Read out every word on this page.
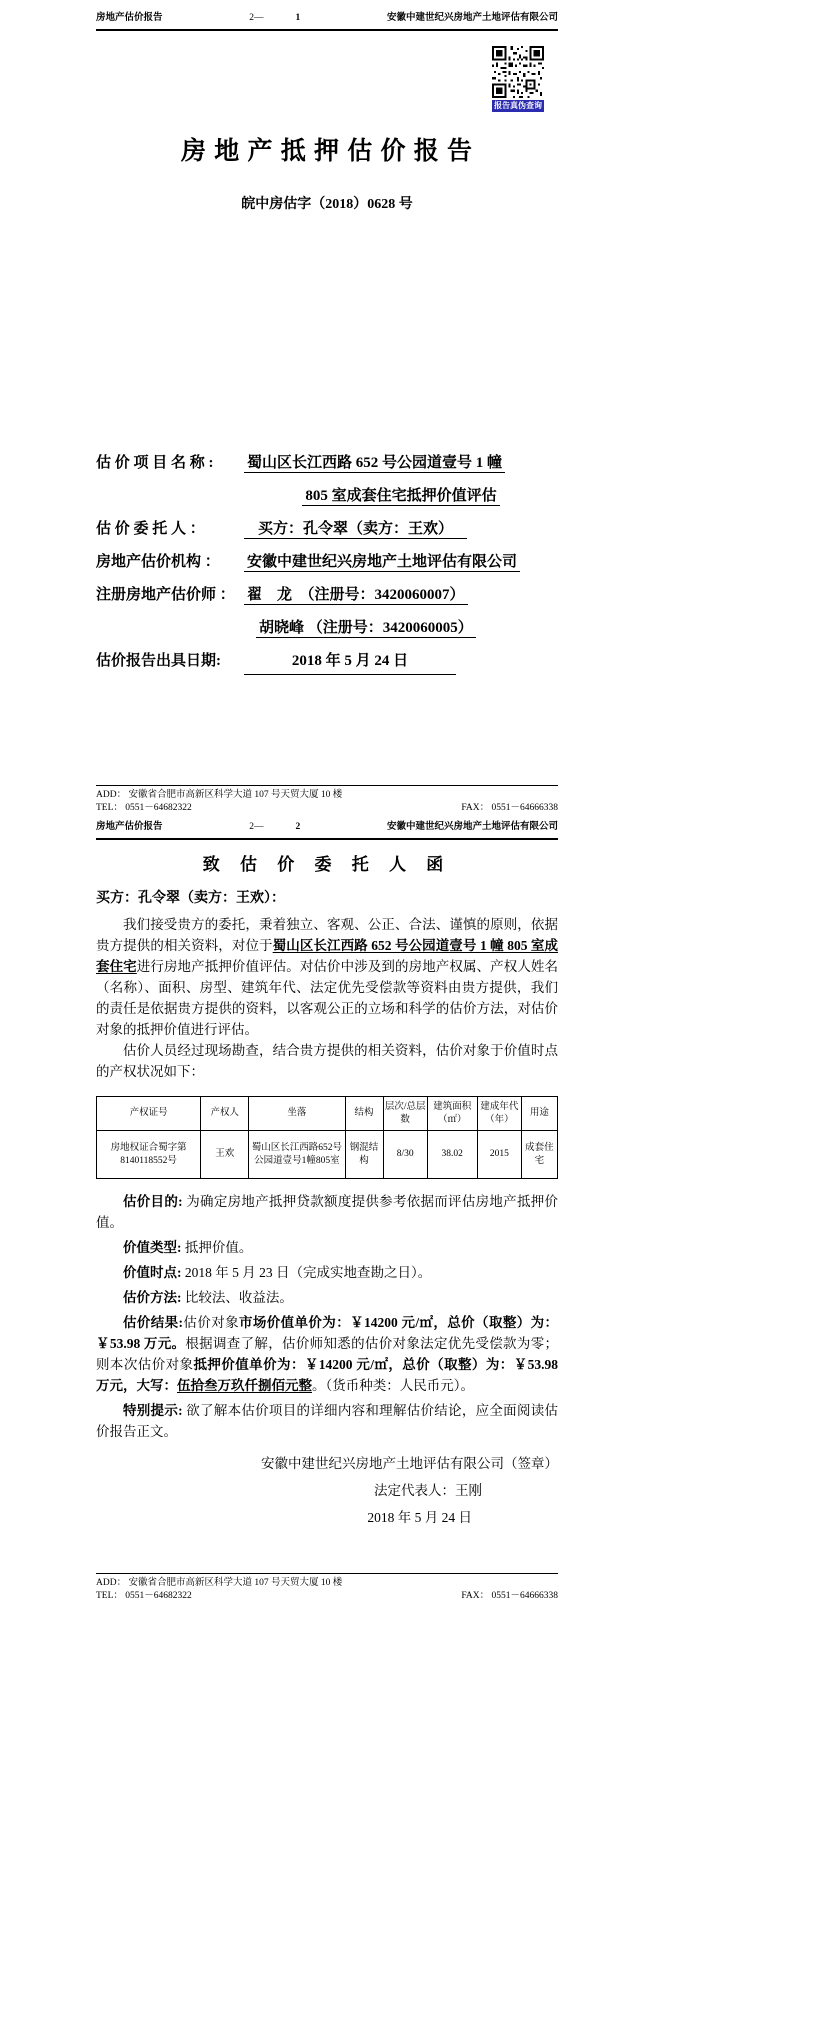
房地产估价报告	2—	1	安徽中建世纪兴房地产土地评估有限公司
报告真伪查询
房 地 产 抵 押 估 价 报 告
皖中房估字（2018）0628 号
估 价 项 目 名 称 : 蜀山区长江西路 652 号公园道壹号 1 幢
805 室成套住宅抵押价值评估
估 价 委 托 人 ：	买方：孔令翠（卖方：王欢）
房地产估价机构 ： 安徽中建世纪兴房地产土地评估有限公司
注册房地产估价师 ： 翟　龙　（注册号：3420060007）
胡晓峰 （注册号：3420060005）
估价报告出具日期:	2018 年 5 月 24 日
ADD： 安徽省合肥市高新区科学大道 107 号天贸大厦 10 楼
TEL： 0551－64682322	FAX： 0551－64666338
房地产估价报告	2—	2	安徽中建世纪兴房地产土地评估有限公司
致 估 价 委 托 人 函
买方：孔令翠（卖方：王欢）：

我们接受贵方的委托，秉着独立、客观、公正、合法、谨慎的原则，依据贵方提供的相关资料，对位于蜀山区长江西路 652 号公园道壹号 1 幢 805 室成套住宅进行房地产抵押价值评估。对估价中涉及到的房地产权属、产权人姓名（名称）、面积、房型、建筑年代、法定优先受偿款等资料由贵方提供，我们的责任是依据贵方提供的资料，以客观公正的立场和科学的估价方法，对估价对象的抵押价值进行评估。

估价人员经过现场勘查，结合贵方提供的相关资料，估价对象于价值时点的产权状况如下：

产权证号	产权人	坐落	结构	层次/总层数	建筑面积（㎡）	建成年代（年）	用途
房地权证合蜀字第8140118552号	王欢	蜀山区长江西路652号公园道壹号1幢805室	钢混结构	8/30	38.02	2015	成套住宅

估价目的: 为确定房地产抵押贷款额度提供参考依据而评估房地产抵押价值。

价值类型: 抵押价值。

价值时点: 2018 年 5 月 23 日（完成实地查勘之日）。

估价方法: 比较法、收益法。

估价结果:估价对象市场价值单价为：￥14200 元/㎡，总价（取整）为：￥53.98 万元。根据调查了解，估价师知悉的估价对象法定优先受偿款为零；则本次估价对象抵押价值单价为：￥14200 元/㎡，总价（取整）为：￥53.98 万元，大写：伍拾叁万玖仟捌佰元整。（货币种类：人民币元）。

特别提示: 欲了解本估价项目的详细内容和理解估价结论，应全面阅读估价报告正文。

安徽中建世纪兴房地产土地评估有限公司（签章）
法定代表人：王刚
2018 年 5 月 24 日
ADD： 安徽省合肥市高新区科学大道 107 号天贸大厦 10 楼
TEL： 0551－64682322	FAX： 0551－64666338
